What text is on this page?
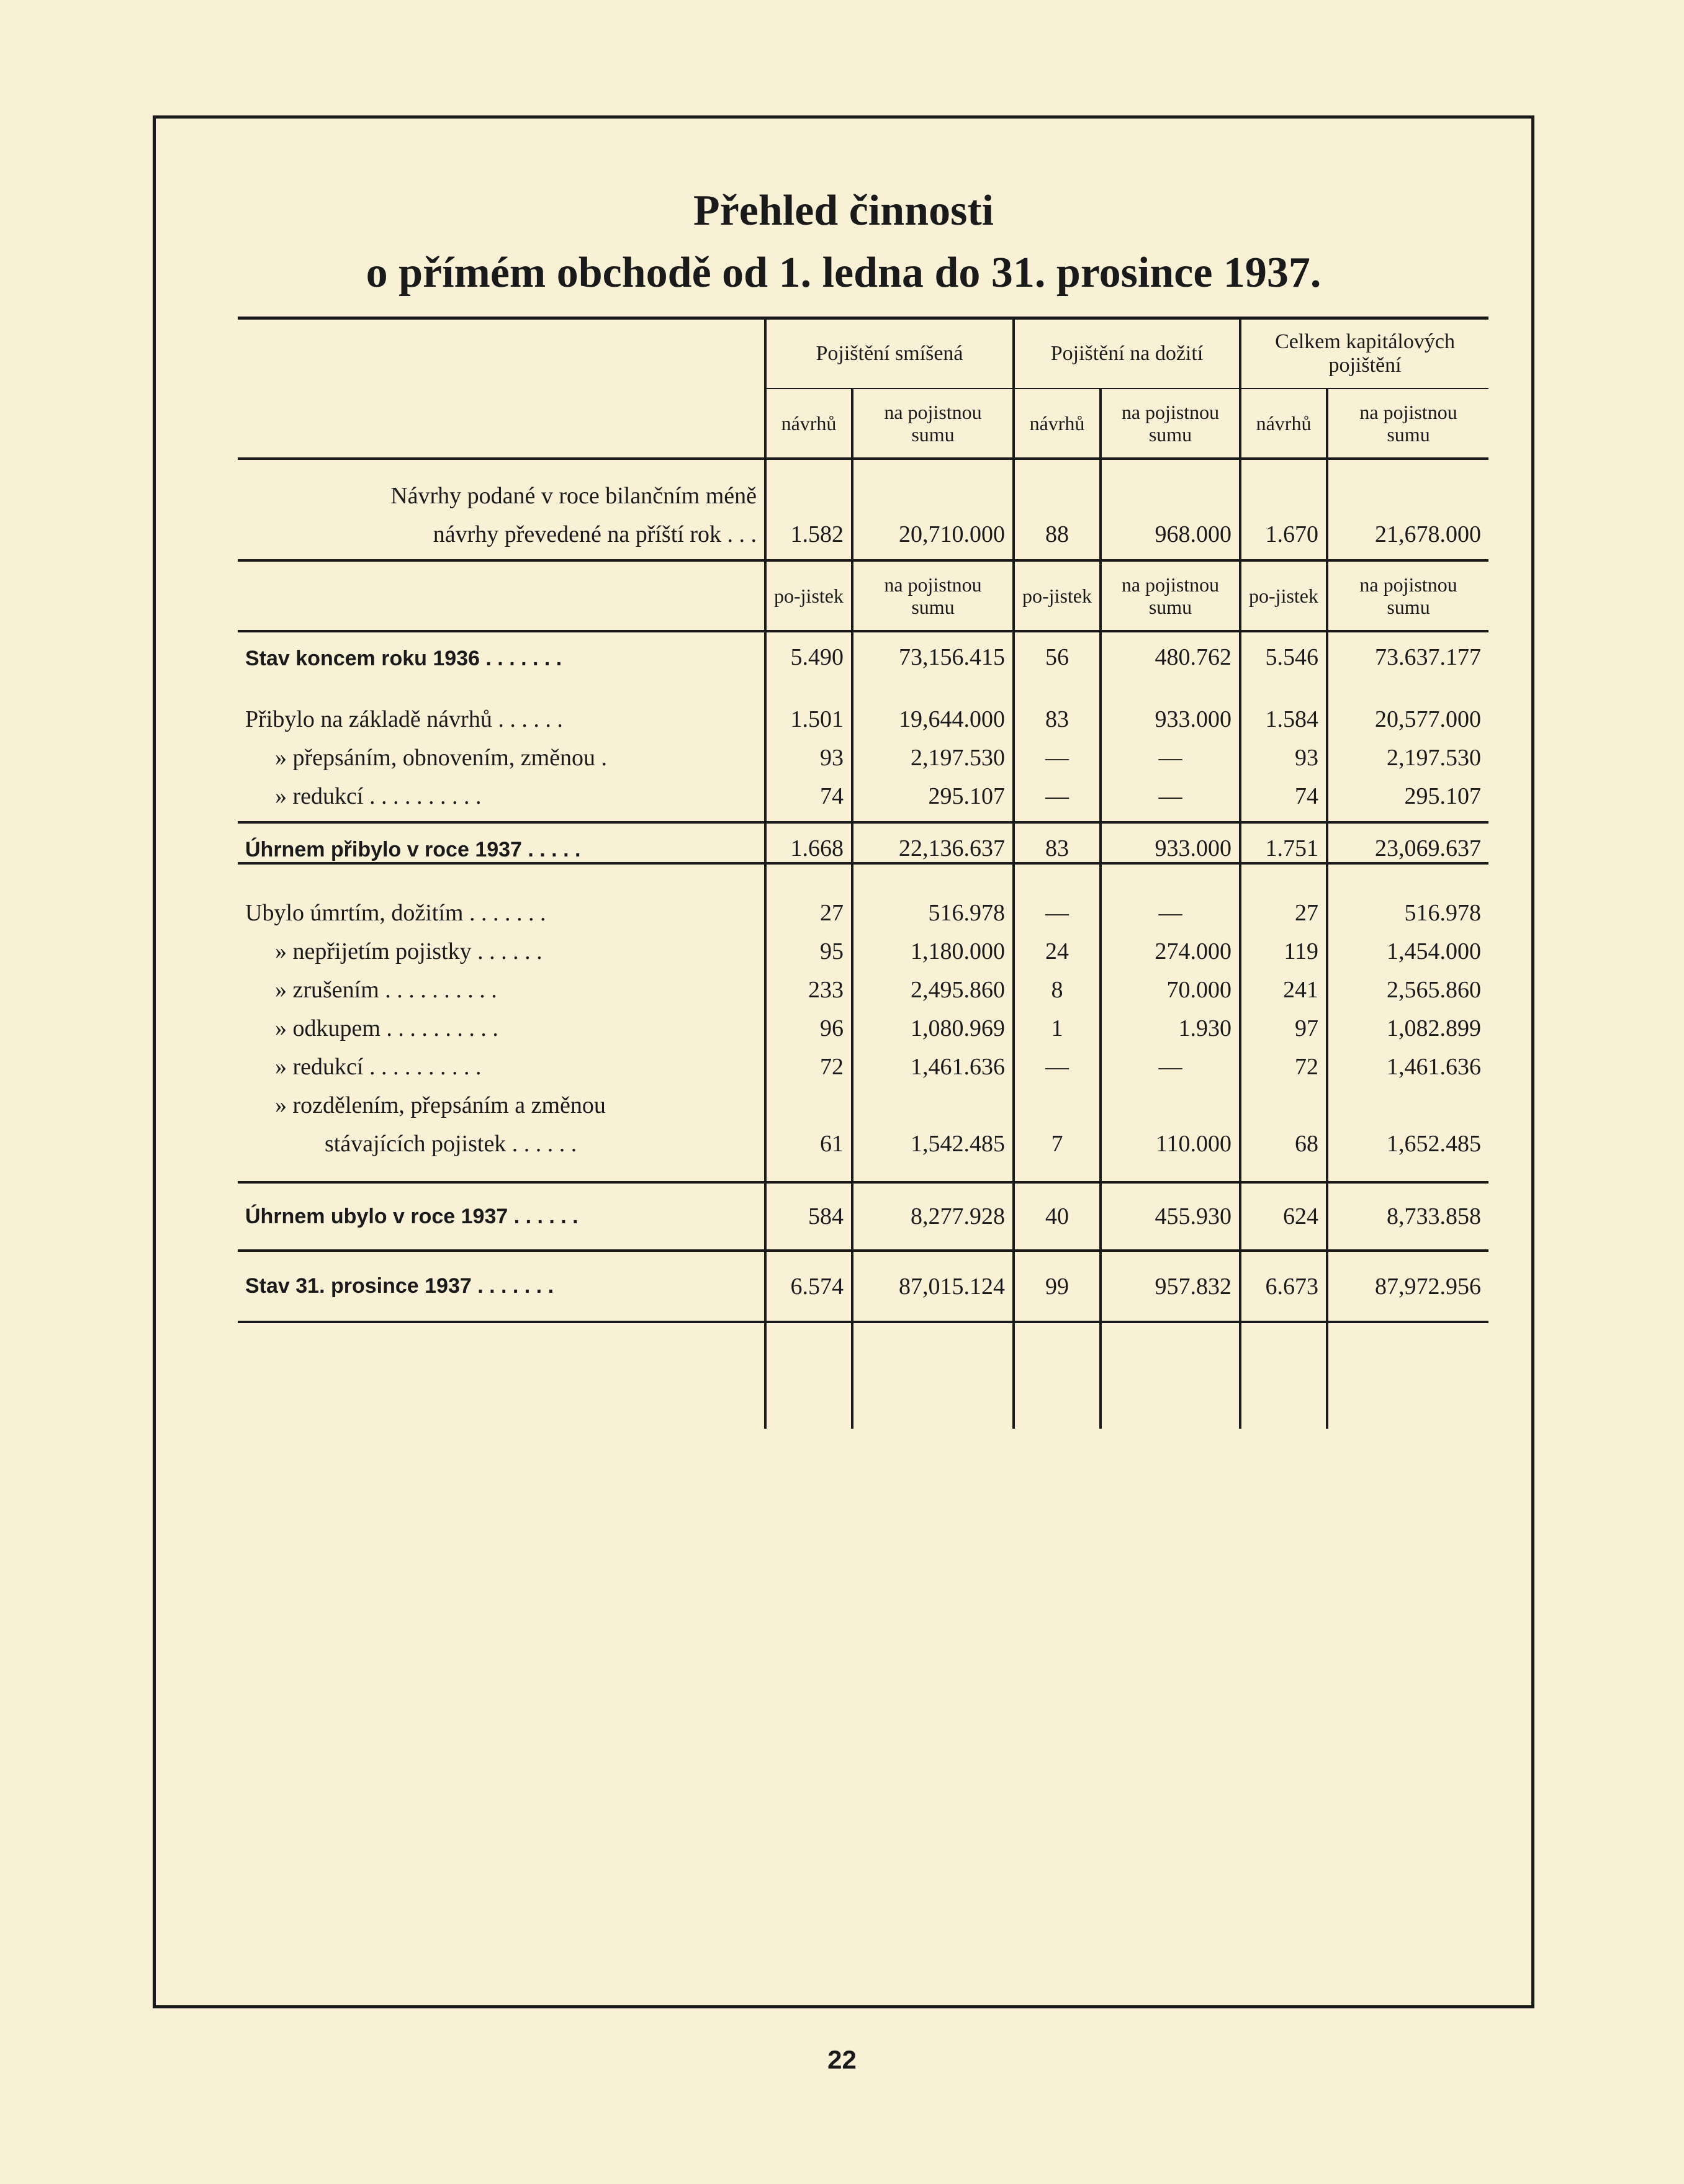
Přehled činnosti
o přímém obchodě od 1. ledna do 31. prosince 1937.
	Pojištění smíšená		Pojištění na dožití		Celkem kapitálových pojištění	
	návrhů	na pojistnou sumu	návrhů	na pojistnou sumu	návrhů	na pojistnou sumu

Návrhy podané v roce bilančním méně						
návrhy převedené na příští rok . . .	1.582	20,710.000	88	968.000	1.670	21,678.000

	po-jistek	na pojistnou sumu	po-jistek	na pojistnou sumu	po-jistek	na pojistnou sumu
Stav koncem roku 1936 . . . . . . .	5.490	73,156.415	56	480.762	5.546	73.637.177

Přibylo na základě návrhů . . . . . .	1.501	19,644.000	83	933.000	1.584	20,577.000
» přepsáním, obnovením, změnou .	93	2,197.530	—	—	93	2,197.530
» redukcí . . . . . . . . . .	74	295.107	—	—	74	295.107

Úhrnem přibylo v roce 1937 . . . . .	1.668	22,136.637	83	933.000	1.751	23,069.637

Ubylo úmrtím, dožitím . . . . . . .	27	516.978	—	—	27	516.978
» nepřijetím pojistky . . . . . .	95	1,180.000	24	274.000	119	1,454.000
» zrušením . . . . . . . . . .	233	2,495.860	8	70.000	241	2,565.860
» odkupem . . . . . . . . . .	96	1,080.969	1	1.930	97	1,082.899
» redukcí . . . . . . . . . .	72	1,461.636	—	—	72	1,461.636
» rozdělením, přepsáním a změnou						
stávajících pojistek . . . . . .	61	1,542.485	7	110.000	68	1,652.485

Úhrnem ubylo v roce 1937 . . . . . .	584	8,277.928	40	455.930	624	8,733.858
Stav 31. prosince 1937 . . . . . . .	6.574	87,015.124	99	957.832	6.673	87,972.956

22
